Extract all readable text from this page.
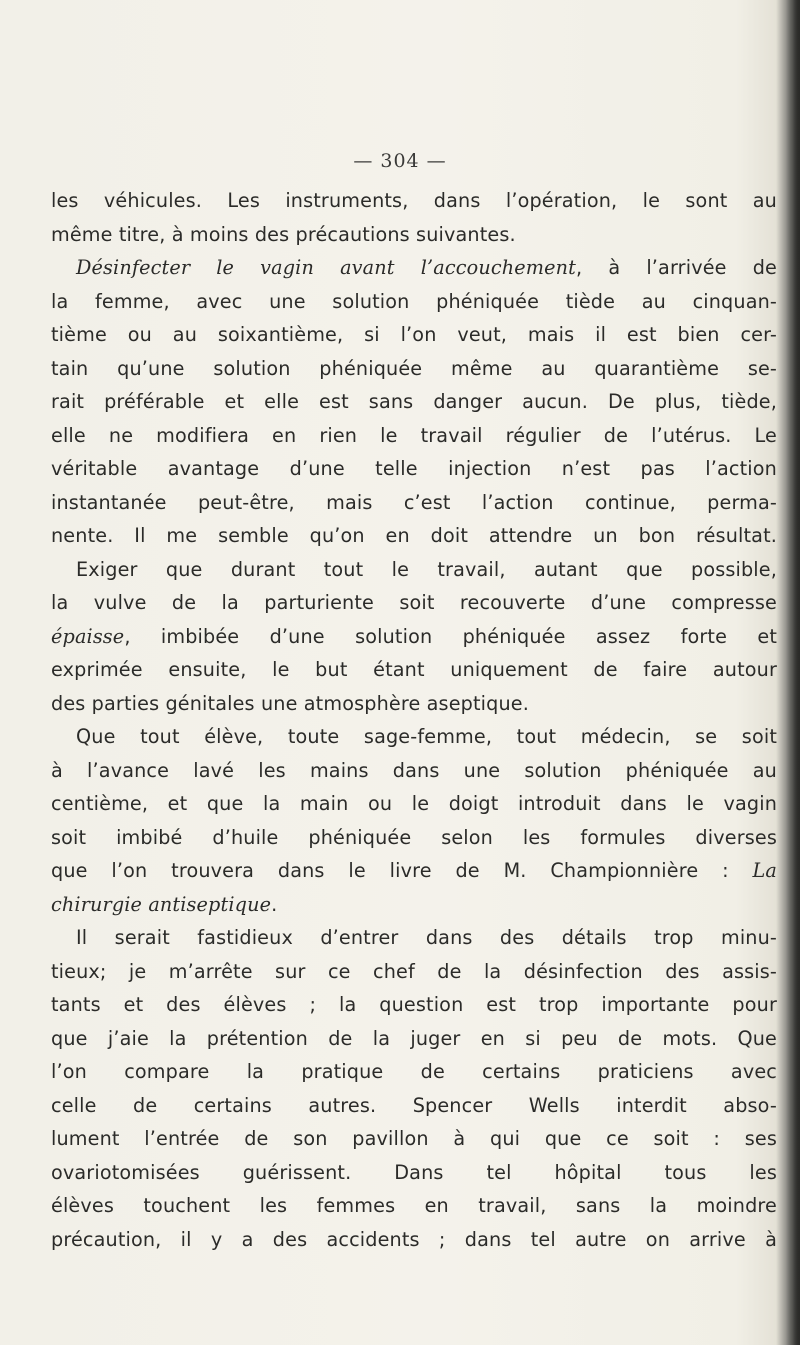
— 304 —
les véhicules. Les instruments, dans l’opération, le sont au
même titre, à moins des précautions suivantes.
Désinfecter le vagin avant l’accouchement, à l’arrivée de
la femme, avec une solution phéniquée tiède au cinquan-
tième ou au soixantième, si l’on veut, mais il est bien cer-
tain qu’une solution phéniquée même au quarantième se-
rait préférable et elle est sans danger aucun. De plus, tiède,
elle ne modifiera en rien le travail régulier de l’utérus. Le
véritable avantage d’une telle injection n’est pas l’action
instantanée peut-être, mais c’est l’action continue, perma-
nente. Il me semble qu’on en doit attendre un bon résultat.
Exiger que durant tout le travail, autant que possible,
la vulve de la parturiente soit recouverte d’une compresse
épaisse, imbibée d’une solution phéniquée assez forte et
exprimée ensuite, le but étant uniquement de faire autour
des parties génitales une atmosphère aseptique.
Que tout élève, toute sage-femme, tout médecin, se soit
à l’avance lavé les mains dans une solution phéniquée au
centième, et que la main ou le doigt introduit dans le vagin
soit imbibé d’huile phéniquée selon les formules diverses
que l’on trouvera dans le livre de M. Championnière : La
chirurgie antiseptique.
Il serait fastidieux d’entrer dans des détails trop minu-
tieux; je m’arrête sur ce chef de la désinfection des assis-
tants et des élèves ; la question est trop importante pour
que j’aie la prétention de la juger en si peu de mots. Que
l’on compare la pratique de certains praticiens avec
celle de certains autres. Spencer Wells interdit abso-
lument l’entrée de son pavillon à qui que ce soit : ses
ovariotomisées guérissent. Dans tel hôpital tous les
élèves touchent les femmes en travail, sans la moindre
précaution, il y a des accidents ; dans tel autre on arrive à
